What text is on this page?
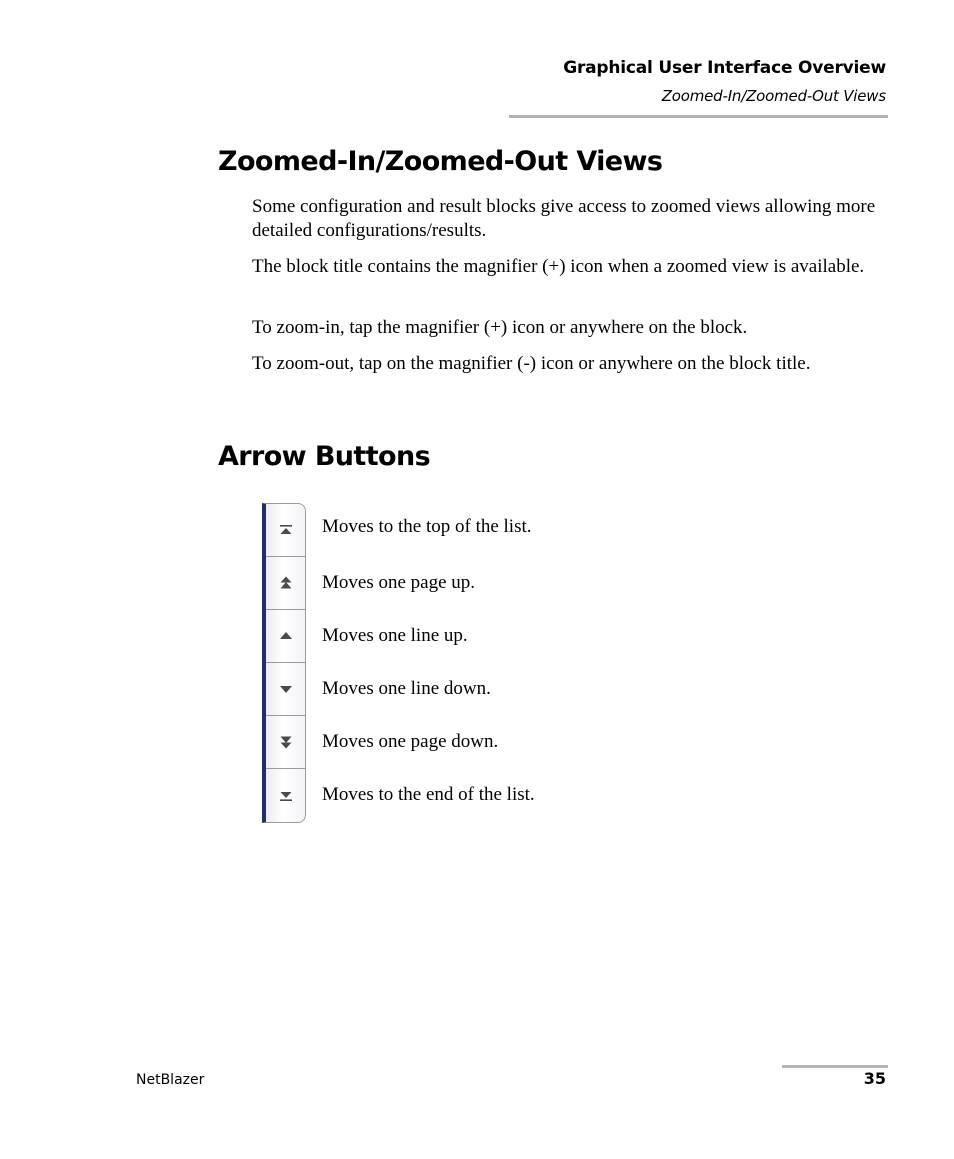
Graphical User Interface Overview
Zoomed-In/Zoomed-Out Views
Zoomed-In/Zoomed-Out Views

Some configuration and result blocks give access to zoomed views allowing more detailed configurations/results.

The block title contains the magnifier (+) icon when a zoomed view is available.

To zoom-in, tap the magnifier (+) icon or anywhere on the block.

To zoom-out, tap on the magnifier (-) icon or anywhere on the block title.

Arrow Buttons

Moves to the top of the list.

Moves one page up.

Moves one line up.

Moves one line down.

Moves one page down.

Moves to the end of the list.

NetBlazer	35
